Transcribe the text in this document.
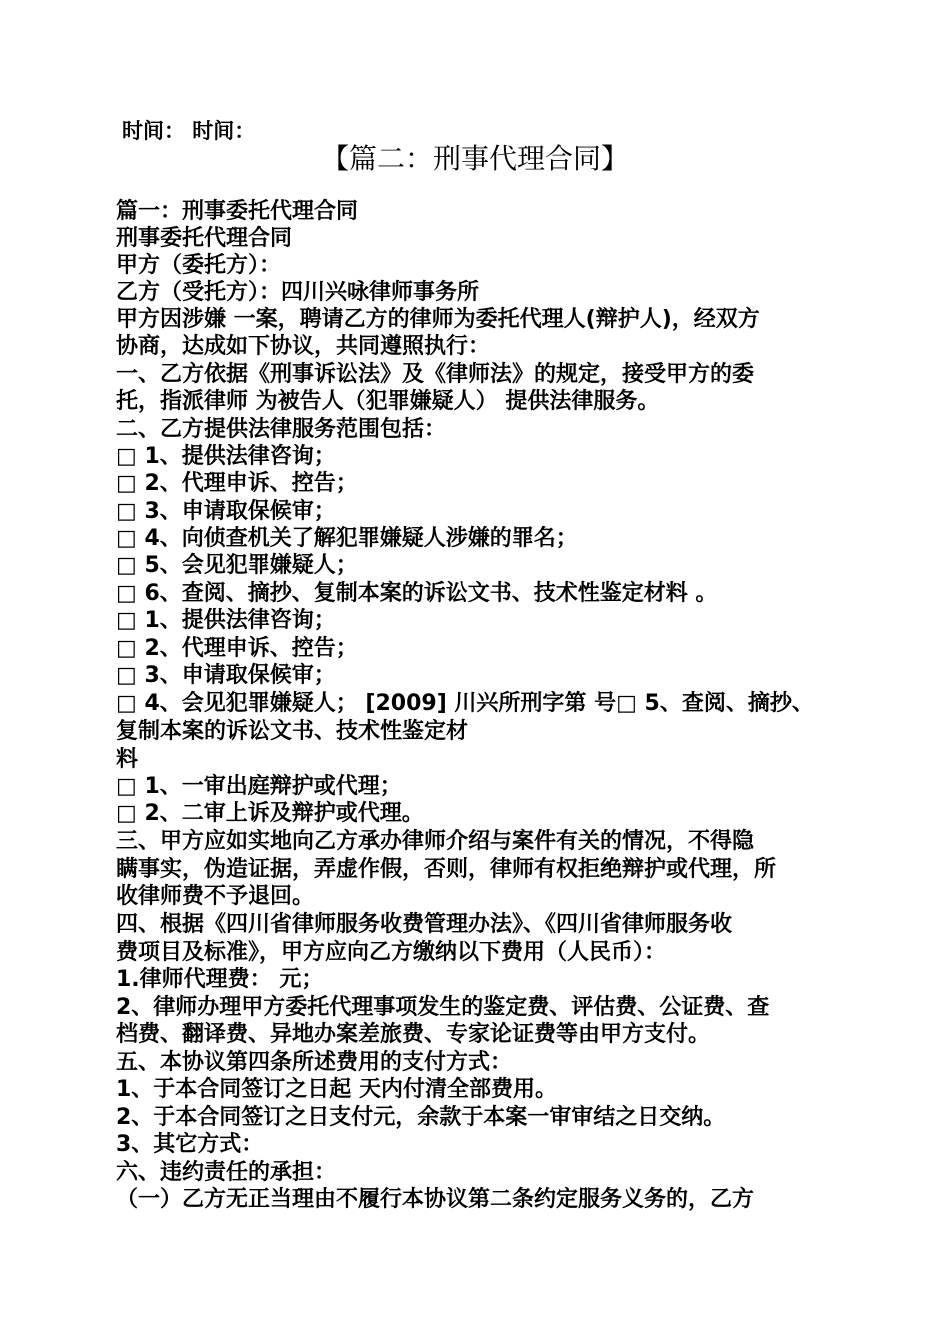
时间： 时间：
【篇二：刑事代理合同】
篇一：刑事委托代理合同
刑事委托代理合同
甲方（委托方）：
乙方（受托方）：四川兴咏律师事务所
甲方因涉嫌 一案，聘请乙方的律师为委托代理人(辩护人)，经双方
协商，达成如下协议，共同遵照执行：
一、乙方依据《刑事诉讼法》及《律师法》的规定，接受甲方的委
托，指派律师 为被告人（犯罪嫌疑人） 提供法律服务。
二、乙方提供法律服务范围包括：
□ 1、提供法律咨询；
□ 2、代理申诉、控告；
□ 3、申请取保候审；
□ 4、向侦查机关了解犯罪嫌疑人涉嫌的罪名；
□ 5、会见犯罪嫌疑人；
□ 6、查阅、摘抄、复制本案的诉讼文书、技术性鉴定材料 。
□ 1、提供法律咨询；
□ 2、代理申诉、控告；
□ 3、申请取保候审；
□ 4、会见犯罪嫌疑人； [2009] 川兴所刑字第 号□ 5、查阅、摘抄、
复制本案的诉讼文书、技术性鉴定材
料
□ 1、一审出庭辩护或代理；
□ 2、二审上诉及辩护或代理。
三、甲方应如实地向乙方承办律师介绍与案件有关的情况，不得隐
瞒事实，伪造证据，弄虚作假，否则，律师有权拒绝辩护或代理，所
收律师费不予退回。
四、根据《四川省律师服务收费管理办法》、《四川省律师服务收
费项目及标准》，甲方应向乙方缴纳以下费用（人民币）：
1.律师代理费： 元；
2、律师办理甲方委托代理事项发生的鉴定费、评估费、公证费、查
档费、翻译费、异地办案差旅费、专家论证费等由甲方支付。
五、本协议第四条所述费用的支付方式：
1、于本合同签订之日起 天内付清全部费用。
2、于本合同签订之日支付元，余款于本案一审审结之日交纳。
3、其它方式：
六、违约责任的承担：
（一）乙方无正当理由不履行本协议第二条约定服务义务的，乙方
